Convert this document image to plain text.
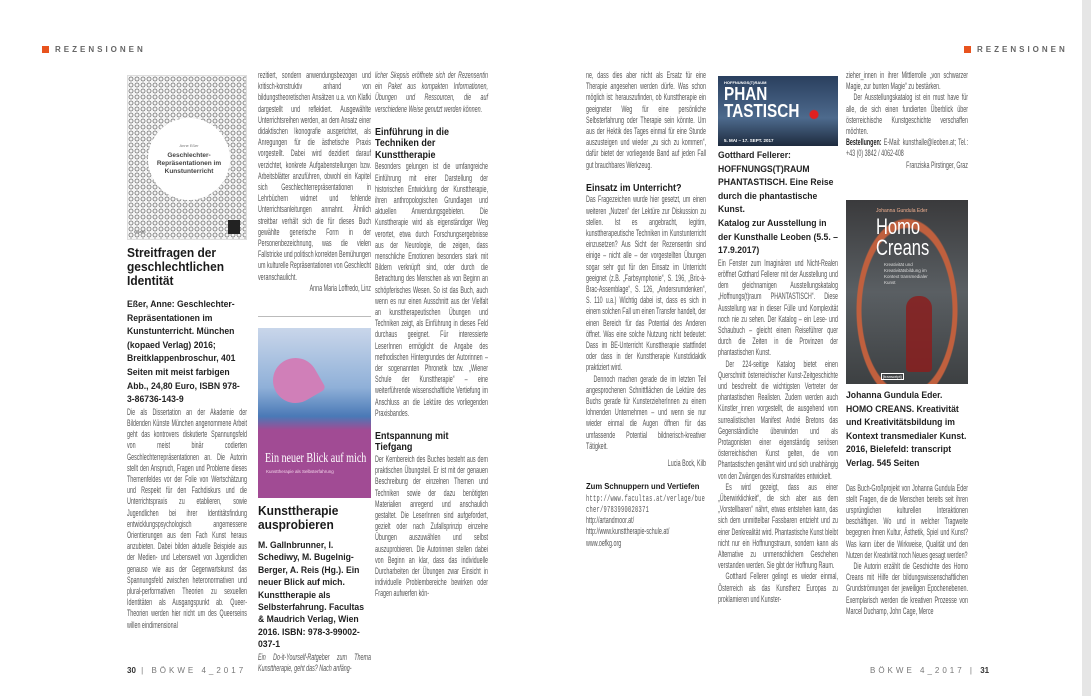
REZENSIONEN	REZENSIONEN
Anne Eßer
Geschlechter-Repräsentationen im Kunstunterricht
kopaed
Streitfragen der geschlechtlichen Identität
Eßer, Anne: Geschlechter-Repräsentationen im Kunstunterricht. München (kopaed Verlag) 2016; Breitklappenbroschur, 401 Seiten mit meist farbigen Abb., 24,80 Euro, ISBN 978-3-86736-143-9

Die als Dissertation an der Akademie der Bildenden Künste München angenommene Arbeit geht das kontrovers diskutierte Spannungsfeld von meist binär codierten Geschlechterrepräsentationen an. Die Autorin stellt den Anspruch, Fragen und Probleme dieses Themenfeldes vor der Folie von Wertschätzung und Respekt für den Fachdiskurs und die Unterrichtspraxis zu etablieren, sowie Jugendlichen bei ihrer Identitätsfindung entwicklungspsychologisch angemessene Orientierungen aus dem Fach Kunst heraus anzubieten. Dabei bilden aktuelle Beispiele aus der Medien- und Lebenswelt von Jugendlichen genauso wie aus der Gegenwartskunst das Spannungsfeld zwischen heteronormativen und plural-performativen Theorien zu sexuellen Identitäten als Ausgangspunkt ab. Queer-Theorien werden hier nicht um des Queerseins willen eindimensional

rezitiert, sondern anwendungsbezogen und kritisch-konstruktiv anhand von bildungstheoretischen Ansätzen u.a. von Klafki dargestellt und reflektiert. Ausgewählte Unterrichtsreihen werden, an dem Ansatz einer didaktischen Ikonografie ausgerichtet, als Anregungen für die ästhetische Praxis vorgestellt. Dabei wird dezidiert darauf verzichtet, konkrete Aufgabenstellungen bzw. Arbeitsblätter anzuführen, obwohl ein Kapitel sich Geschlechterrepräsentationen in Lehrbüchern widmet und fehlende Unterrichtsanleitungen anmahnt. Ähnlich streitbar verhält sich die für dieses Buch gewählte generische Form in der Personenbezeichnung, was die vielen Fallstricke und politisch korrekten Bemühungen um kulturelle Repräsentationen von Geschlecht veranschaulicht.

Anna Maria Loffredo, Linz

Ein neuer Blick auf mich
Kunsttherapie als Selbsterfahrung
Kunsttherapie ausprobieren
M. Gallnbrunner, I. Schediwy, M. Bugelnig-Berger, A. Reis (Hg.). Ein neuer Blick auf mich. Kunsttherapie als Selbsterfahrung. Facultas & Maudrich Verlag, Wien 2016. ISBN: 978-3-99002-037-1

Ein Do-it-Yourself-Ratgeber zum Thema Kunsttherapie, geht das? Nach anfäng-

licher Skepsis eröffnete sich der Rezensentin ein Paket aus kompakten Informationen, Übungen und Ressourcen, die auf verschiedene Weise genutzt werden können.

Einführung in die Techniken der Kunsttherapie

Besonders gelungen ist die umfangreiche Einführung mit einer Darstellung der historischen Entwicklung der Kunsttherapie, ihren anthropologischen Grundlagen und aktuellen Anwendungsgebieten. Die Kunsttherapie wird als eigenständiger Weg verortet, etwa durch Forschungsergebnisse aus der Neurologie, die zeigen, dass menschliche Emotionen besonders stark mit Bildern verknüpft sind, oder durch die Betrachtung des Menschen als von Beginn an schöpferisches Wesen. So ist das Buch, auch wenn es nur einen Ausschnitt aus der Vielfalt an kunsttherapeutischen Übungen und Techniken zeigt, als Einführung in dieses Feld durchaus geeignet. Für interessierte LeserInnen ermöglicht die Angabe des methodischen Hintergrundes der Autorinnen – der sogenannten Phronetik bzw. „Wiener Schule der Kunsttherapie“ – eine weiterführende wissenschaftliche Vertiefung im Anschluss an die Lektüre des vorliegenden Praxisbandes.

Entspannung mit Tiefgang

Der Kernbereich des Buches besteht aus dem praktischen Übungsteil. Er ist mit der genauen Beschreibung der einzelnen Themen und Techniken sowie der dazu benötigten Materialien anregend und anschaulich gestaltet. Die LeserInnen sind aufgefordert, gezielt oder nach Zufallsprinzip einzelne Übungen auszuwählen und selbst auszuprobieren. Die Autorinnen stellen dabei von Beginn an klar, dass das individuelle Durcharbeiten der Übungen zwar Einsicht in individuelle Problembereiche bewirken oder Fragen aufwerfen kön-

ne, dass dies aber nicht als Ersatz für eine Therapie angesehen werden dürfe. Was schon möglich ist: herauszufinden, ob Kunsttherapie ein geeigneter Weg für eine persönliche Selbsterfahrung oder Therapie sein könnte. Um aus der Hektik des Tages einmal für eine Stunde auszusteigen und wieder „zu sich zu kommen“, dafür bietet der vorliegende Band auf jeden Fall gut brauchbares Werkzeug.

Einsatz im Unterricht?

Das Fragezeichen wurde hier gesetzt, um einen weiteren „Nutzen“ der Lektüre zur Diskussion zu stellen. Ist es angebracht, legitim, kunsttherapeutische Techniken im Kunstunterricht einzusetzen? Aus Sicht der Rezensentin sind einige – nicht alle – der vorgestellten Übungen sogar sehr gut für den Einsatz im Unterricht geeignet (z.B. „Farbsymphonie“, S. 196, „Bric-à-Brac-Assemblage“, S. 126, „Andersrumdenken“, S. 110 u.a.) Wichtig dabei ist, dass es sich in einem solchen Fall um einen Transfer handelt, der einen Bereich für das Potential des Anderen öffnet. Was eine solche Nutzung nicht bedeutet: Dass im BE-Unterricht Kunsttherapie stattfindet oder dass in der Kunsttherapie Kunstdidaktik praktiziert wird.

Dennoch machen gerade die im letzten Teil angesprochenen Schnittflächen die Lektüre des Buchs gerade für KunsterzieherInnen zu einem lohnenden Unternehmen – und wenn sie nur wieder einmal die Augen öffnen für das umfassende Potential bildnerisch-kreativer Tätigkeit.

Lucia Bock, Kilb

Zum Schnuppern und Vertiefen

http://www.facultas.at/verlage/buecher/9783990020371

http://artandmoor.at/

http://www.kunsttherapie-schule.at/

www.oefkg.org

HOFFNUNGS(T)RAUM
PHAN
TASTISCH
5. MAI – 17. SEPT. 2017
Gotthard Fellerer: HOFFNUNGS(T)RAUM PHANTASTISCH. Eine Reise durch die phantastische Kunst.
Katalog zur Ausstellung in der Kunsthalle Leoben (5.5. – 17.9.2017)

Ein Fenster zum Imaginären und Nicht-Realen eröffnet Gotthard Fellerer mit der Ausstellung und dem gleichnamigen Ausstellungskatalog „Hoffnungs(t)raum PHANTASTISCH“. Diese Ausstellung war in dieser Fülle und Komplexität noch nie zu sehen. Der Katalog – ein Lese- und Schaubuch – gleicht einem Reiseführer quer durch die Zeiten in die Provinzen der phantastischen Kunst.

Der 224-seitige Katalog bietet einen Querschnitt österreichischer Kunst-Zeitgeschichte und beschreibt die wichtigsten Vertreter der phantastischen Realisten. Zudem werden auch Künstler_innen vorgestellt, die ausgehend vom surrealistischen Manifest André Bretons das Gegenständliche überwinden und als Protagonisten einer eigenständig seriösen österreichischen Kunst gelten, die vom Phantastischen genährt wird und sich unabhängig von den Zwängen des Kunstmarktes entwickelt.

Es wird gezeigt, dass aus einer „Überwirklichkeit“, die sich aber aus dem „Vorstellbaren“ nährt, etwas entstehen kann, das sich dem unmittelbar Fassbaren entzieht und zu einer Denkrealität wird. Phantastische Kunst bleibt nicht nur ein Hoffnungstraum, sondern kann als Alternative zu unmenschlichem Geschehen verstanden werden. Sie gibt der Hoffnung Raum.

Gotthard Fellerer gelingt es wieder einmal, Österreich als das Kunstherz Europas zu proklamieren und Kunster-

zieher_innen in ihrer Mittlerrolle „von schwarzer Magie, zur bunten Magie“ zu bestärken.

Der Ausstellungskatalog ist ein must have für alle, die sich einen fundierten Überblick über österreichische Kunstgeschichte verschaffen möchten.

Bestellungen: E-Mail: kunsthalle@leoben.at; Tel.: +43 (0) 3842 / 4062-408

Franziska Pirstinger, Graz

Johanna Gundula Eder
Homo
Creans
Kreativität und Kreativitätsbildung im Kontext transmedialer Kunst
[transcript]
Johanna Gundula Eder. HOMO CREANS. Kreativität und Kreativitätsbildung im Kontext transmedialer Kunst. 2016, Bielefeld: transcript Verlag. 545 Seiten

Das Buch-Großprojekt von Johanna Gundula Eder stellt Fragen, die die Menschen bereits seit ihren ursprünglichen kulturellen Interaktionen beschäftigen. Wo und in welcher Tragweite begegnen ihnen Kultur, Ästhetik, Spiel und Kunst? Was kann über die Wirkweise, Qualität und den Nutzen der Kreativität noch Neues gesagt werden?

Die Autorin erzählt die Geschichte des Homo Creans mit Hilfe der bildungswissenschaftlichen Grundströmungen der jeweiligen Epochenebenen. Exemplarisch werden die kreativen Prozesse von Marcel Duchamp, John Cage, Merce

30 | BÖKWE 4_2017	BÖKWE 4_2017 | 31
